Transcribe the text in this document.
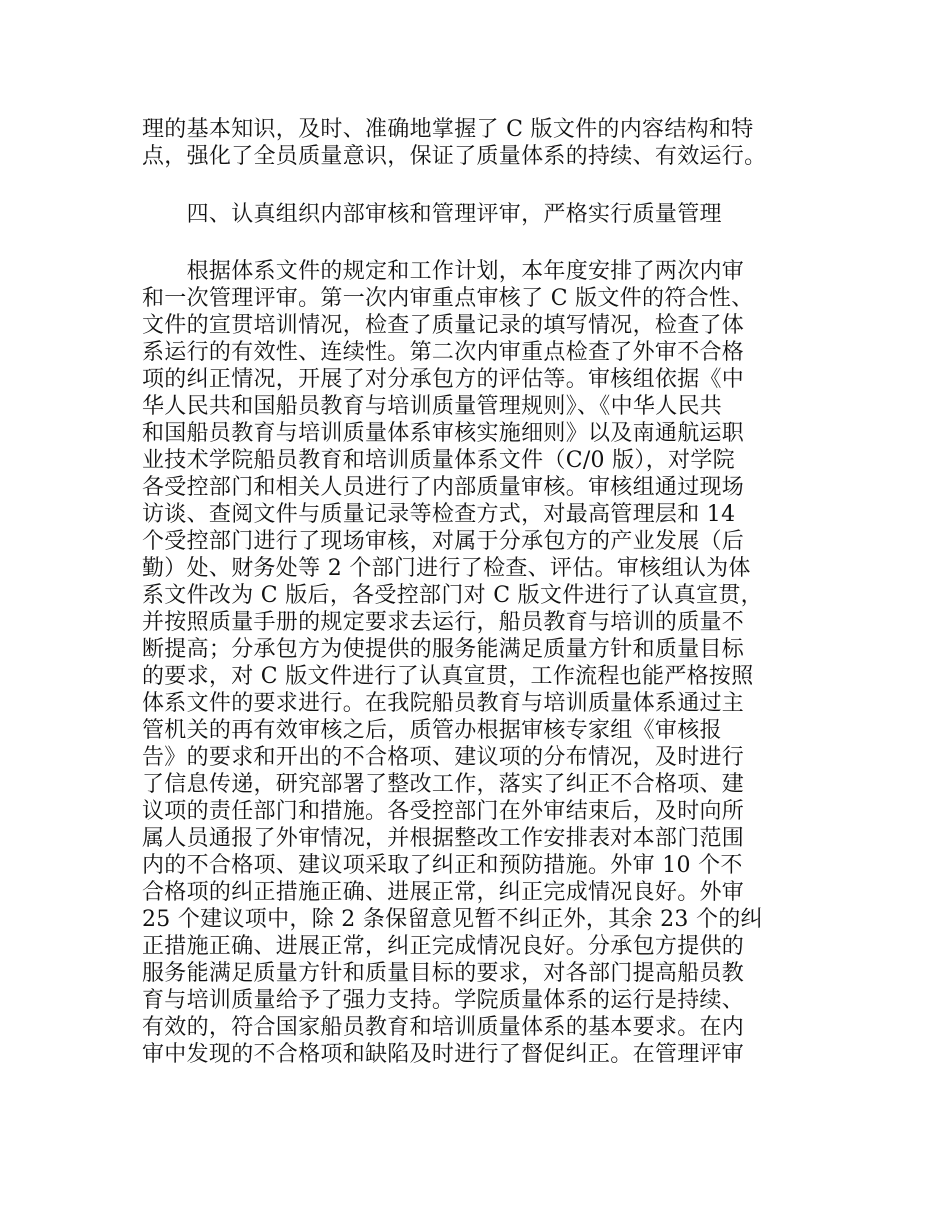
理的基本知识，及时、准确地掌握了 C 版文件的内容结构和特
点，强化了全员质量意识，保证了质量体系的持续、有效运行。
　　四、认真组织内部审核和管理评审，严格实行质量管理
　　根据体系文件的规定和工作计划，本年度安排了两次内审
和一次管理评审。第一次内审重点审核了 C 版文件的符合性、
文件的宣贯培训情况，检查了质量记录的填写情况，检查了体
系运行的有效性、连续性。第二次内审重点检查了外审不合格
项的纠正情况，开展了对分承包方的评估等。审核组依据《中
华人民共和国船员教育与培训质量管理规则》、《中华人民共
和国船员教育与培训质量体系审核实施细则》以及南通航运职
业技术学院船员教育和培训质量体系文件（C/0 版），对学院
各受控部门和相关人员进行了内部质量审核。审核组通过现场
访谈、查阅文件与质量记录等检查方式，对最高管理层和 14
个受控部门进行了现场审核，对属于分承包方的产业发展（后
勤）处、财务处等 2 个部门进行了检查、评估。审核组认为体
系文件改为 C 版后，各受控部门对 C 版文件进行了认真宣贯，
并按照质量手册的规定要求去运行，船员教育与培训的质量不
断提高；分承包方为使提供的服务能满足质量方针和质量目标
的要求，对 C 版文件进行了认真宣贯，工作流程也能严格按照
体系文件的要求进行。在我院船员教育与培训质量体系通过主
管机关的再有效审核之后，质管办根据审核专家组《审核报
告》的要求和开出的不合格项、建议项的分布情况，及时进行
了信息传递，研究部署了整改工作，落实了纠正不合格项、建
议项的责任部门和措施。各受控部门在外审结束后，及时向所
属人员通报了外审情况，并根据整改工作安排表对本部门范围
内的不合格项、建议项采取了纠正和预防措施。外审 10 个不
合格项的纠正措施正确、进展正常，纠正完成情况良好。外审
25 个建议项中，除 2 条保留意见暂不纠正外，其余 23 个的纠
正措施正确、进展正常，纠正完成情况良好。分承包方提供的
服务能满足质量方针和质量目标的要求，对各部门提高船员教
育与培训质量给予了强力支持。学院质量体系的运行是持续、
有效的，符合国家船员教育和培训质量体系的基本要求。在内
审中发现的不合格项和缺陷及时进行了督促纠正。在管理评审
